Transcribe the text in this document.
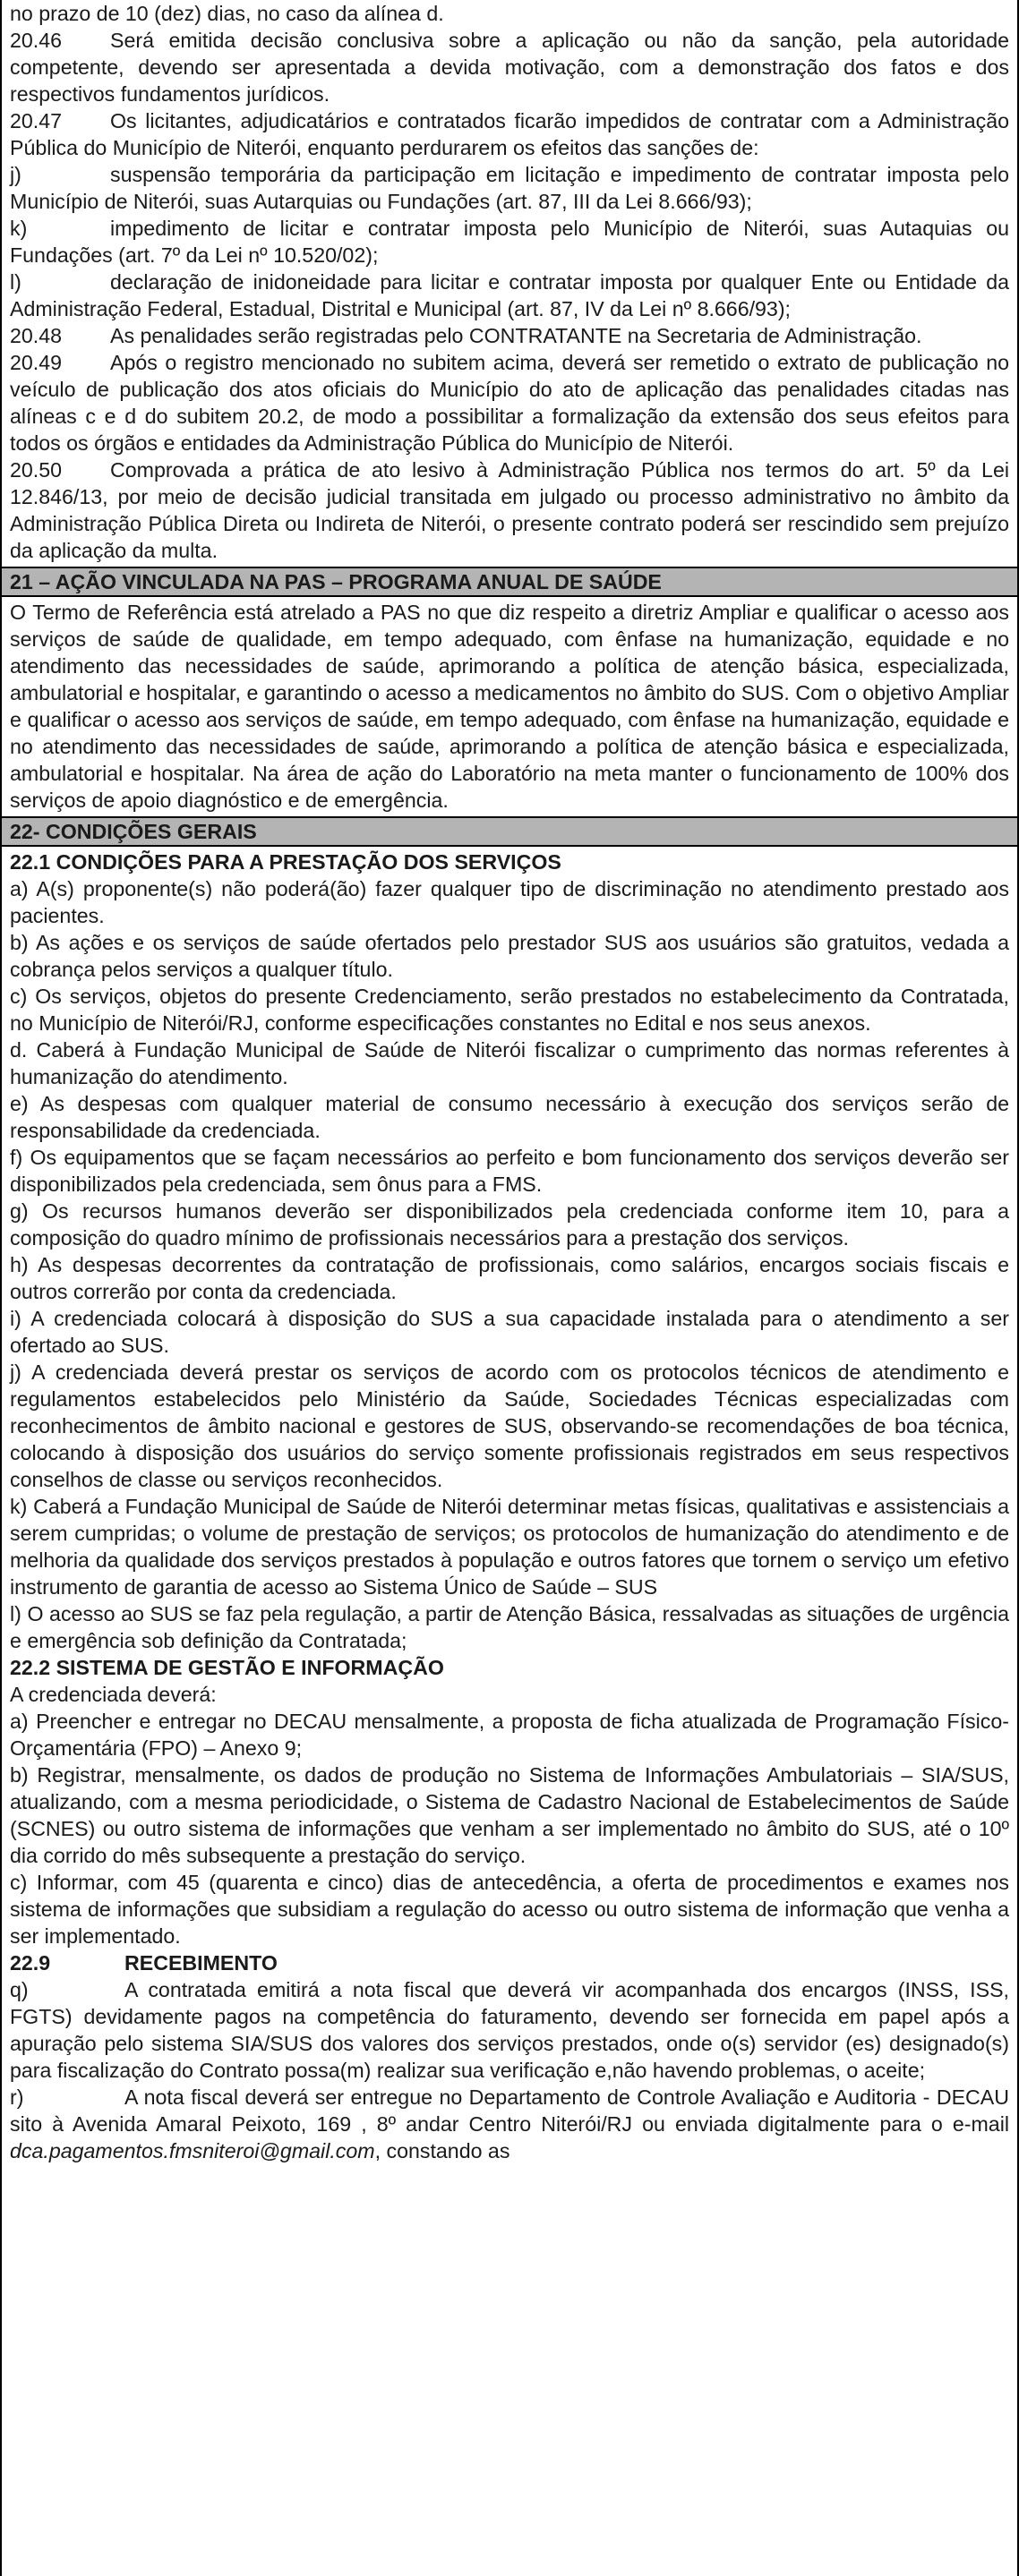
no prazo de 10 (dez) dias, no caso da alínea d.

20.46 Será emitida decisão conclusiva sobre a aplicação ou não da sanção, pela autoridade competente, devendo ser apresentada a devida motivação, com a demonstração dos fatos e dos respectivos fundamentos jurídicos.

20.47 Os licitantes, adjudicatários e contratados ficarão impedidos de contratar com a Administração Pública do Município de Niterói, enquanto perdurarem os efeitos das sanções de:

j)	suspensão temporária da participação em licitação e impedimento de contratar imposta pelo Município de Niterói, suas Autarquias ou Fundações (art. 87, III da Lei 8.666/93);

k)	impedimento de licitar e contratar imposta pelo Município de Niterói, suas Autaquias ou Fundações (art. 7º da Lei nº 10.520/02);

l)	declaração de inidoneidade para licitar e contratar imposta por qualquer Ente ou Entidade da Administração Federal, Estadual, Distrital e Municipal (art. 87, IV da Lei nº 8.666/93);

20.48 As penalidades serão registradas pelo CONTRATANTE na Secretaria de Administração.

20.49 Após o registro mencionado no subitem acima, deverá ser remetido o extrato de publicação no veículo de publicação dos atos oficiais do Município do ato de aplicação das penalidades citadas nas alíneas c e d do subitem 20.2, de modo a possibilitar a formalização da extensão dos seus efeitos para todos os órgãos e entidades da Administração Pública do Município de Niterói.

20.50 Comprovada a prática de ato lesivo à Administração Pública nos termos do art. 5º da Lei 12.846/13, por meio de decisão judicial transitada em julgado ou processo administrativo no âmbito da Administração Pública Direta ou Indireta de Niterói, o presente contrato poderá ser rescindido sem prejuízo da aplicação da multa.

21 – AÇÃO VINCULADA NA PAS – PROGRAMA ANUAL DE SAÚDE

O Termo de Referência está atrelado a PAS no que diz respeito a diretriz Ampliar e qualificar o acesso aos serviços de saúde de qualidade, em tempo adequado, com ênfase na humanização, equidade e no atendimento das necessidades de saúde, aprimorando a política de atenção básica, especializada, ambulatorial e hospitalar, e garantindo o acesso a medicamentos no âmbito do SUS. Com o objetivo Ampliar e qualificar o acesso aos serviços de saúde, em tempo adequado, com ênfase na humanização, equidade e no atendimento das necessidades de saúde, aprimorando a política de atenção básica e especializada, ambulatorial e hospitalar. Na área de ação do Laboratório na meta manter o funcionamento de 100% dos serviços de apoio diagnóstico e de emergência.

22- CONDIÇÕES GERAIS

22.1 CONDIÇÕES PARA A PRESTAÇÃO DOS SERVIÇOS

a) A(s) proponente(s) não poderá(ão) fazer qualquer tipo de discriminação no atendimento prestado aos pacientes.

b) As ações e os serviços de saúde ofertados pelo prestador SUS aos usuários são gratuitos, vedada a cobrança pelos serviços a qualquer título.

c) Os serviços, objetos do presente Credenciamento, serão prestados no estabelecimento da Contratada, no Município de Niterói/RJ, conforme especificações constantes no Edital e nos seus anexos.

d. Caberá à Fundação Municipal de Saúde de Niterói fiscalizar o cumprimento das normas referentes à humanização do atendimento.

e) As despesas com qualquer material de consumo necessário à execução dos serviços serão de responsabilidade da credenciada.

f) Os equipamentos que se façam necessários ao perfeito e bom funcionamento dos serviços deverão ser disponibilizados pela credenciada, sem ônus para a FMS.

g) Os recursos humanos deverão ser disponibilizados pela credenciada conforme item 10, para a composição do quadro mínimo de profissionais necessários para a prestação dos serviços.

h) As despesas decorrentes da contratação de profissionais, como salários, encargos sociais fiscais e outros correrão por conta da credenciada.

i) A credenciada colocará à disposição do SUS a sua capacidade instalada para o atendimento a ser ofertado ao SUS.

j) A credenciada deverá prestar os serviços de acordo com os protocolos técnicos de atendimento e regulamentos estabelecidos pelo Ministério da Saúde, Sociedades Técnicas especializadas com reconhecimentos de âmbito nacional e gestores de SUS, observando-se recomendações de boa técnica, colocando à disposição dos usuários do serviço somente profissionais registrados em seus respectivos conselhos de classe ou serviços reconhecidos.

k) Caberá a Fundação Municipal de Saúde de Niterói determinar metas físicas, qualitativas e assistenciais a serem cumpridas; o volume de prestação de serviços; os protocolos de humanização do atendimento e de melhoria da qualidade dos serviços prestados à população e outros fatores que tornem o serviço um efetivo instrumento de garantia de acesso ao Sistema Único de Saúde – SUS

l) O acesso ao SUS se faz pela regulação, a partir de Atenção Básica, ressalvadas as situações de urgência e emergência sob definição da Contratada;

22.2 SISTEMA DE GESTÃO E INFORMAÇÃO

A credenciada deverá:

a) Preencher e entregar no DECAU mensalmente, a proposta de ficha atualizada de Programação Físico-Orçamentária (FPO) – Anexo 9;

b) Registrar, mensalmente, os dados de produção no Sistema de Informações Ambulatoriais – SIA/SUS, atualizando, com a mesma periodicidade, o Sistema de Cadastro Nacional de Estabelecimentos de Saúde (SCNES) ou outro sistema de informações que venham a ser implementado no âmbito do SUS, até o 10º dia corrido do mês subsequente a prestação do serviço.

c) Informar, com 45 (quarenta e cinco) dias de antecedência, a oferta de procedimentos e exames nos sistema de informações que subsidiam a regulação do acesso ou outro sistema de informação que venha a ser implementado.

22.9	RECEBIMENTO

q)	A contratada emitirá a nota fiscal que deverá vir acompanhada dos encargos (INSS, ISS, FGTS) devidamente pagos na competência do faturamento, devendo ser fornecida em papel após a apuração pelo sistema SIA/SUS dos valores dos serviços prestados, onde o(s) servidor (es) designado(s) para fiscalização do Contrato possa(m) realizar sua verificação e,não havendo problemas, o aceite;

r)	A nota fiscal deverá ser entregue no Departamento de Controle Avaliação e Auditoria - DECAU sito à Avenida Amaral Peixoto, 169 , 8º andar Centro Niterói/RJ ou enviada digitalmente para o e-mail dca.pagamentos.fmsniteroi@gmail.com, constando as
